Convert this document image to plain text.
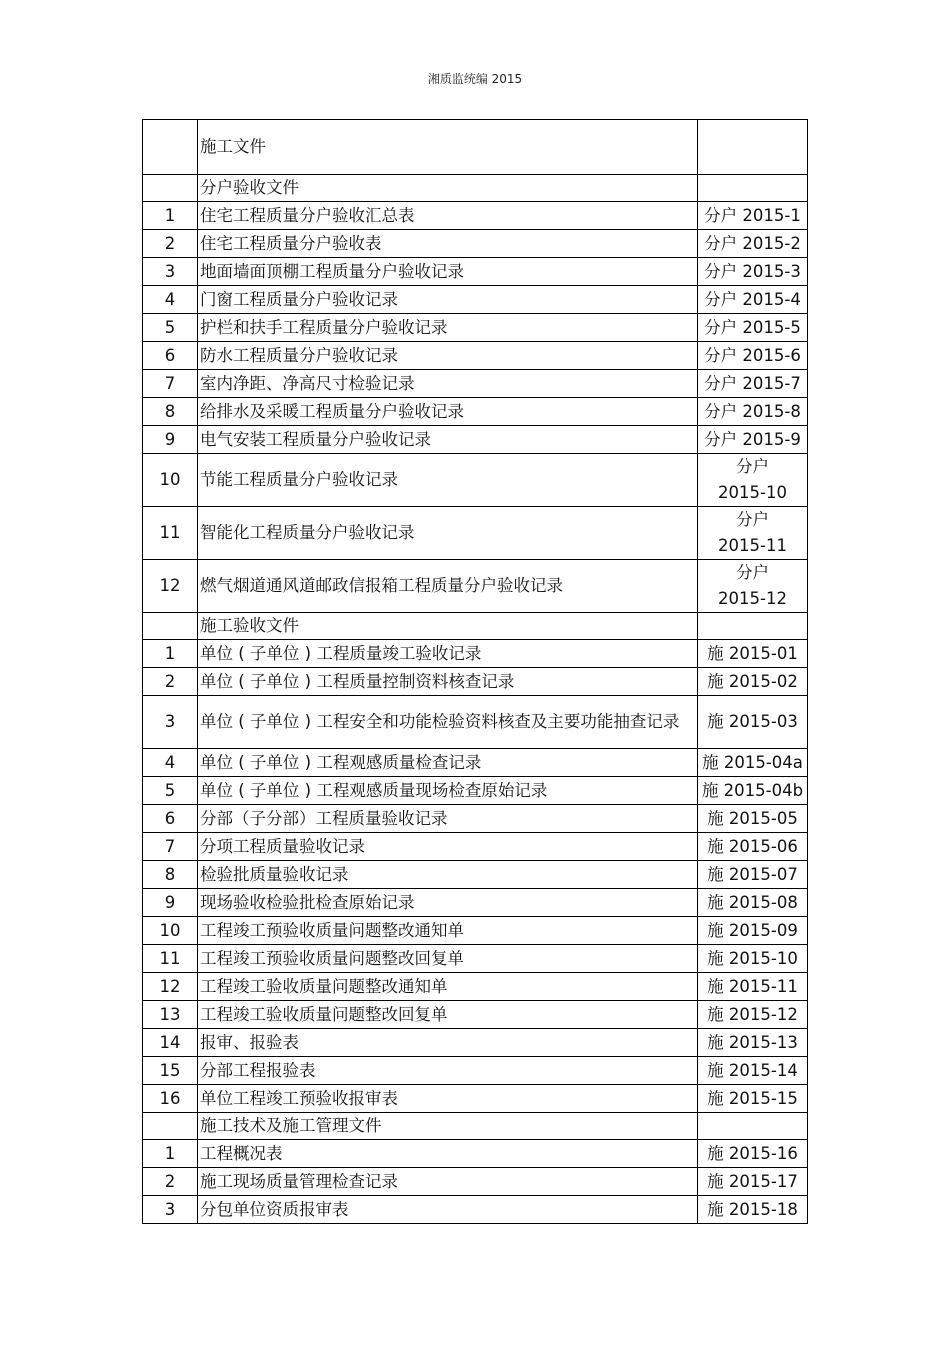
湘质监统编 2015
	施工文件	
	分户验收文件	
1	住宅工程质量分户验收汇总表	分户 2015-1
2	住宅工程质量分户验收表	分户 2015-2
3	地面墙面顶棚工程质量分户验收记录	分户 2015-3
4	门窗工程质量分户验收记录	分户 2015-4
5	护栏和扶手工程质量分户验收记录	分户 2015-5
6	防水工程质量分户验收记录	分户 2015-6
7	室内净距、净高尺寸检验记录	分户 2015-7
8	给排水及采暖工程质量分户验收记录	分户 2015-8
9	电气安装工程质量分户验收记录	分户 2015-9
10	节能工程质量分户验收记录	分户
2015-10

11	智能化工程质量分户验收记录	分户
2015-11

12	燃气烟道通风道邮政信报箱工程质量分户验收记录	分户
2015-12

	施工验收文件	
1	单位 ( 子单位 ) 工程质量竣工验收记录	施 2015-01
2	单位 ( 子单位 ) 工程质量控制资料核查记录	施 2015-02
3	单位 ( 子单位 ) 工程安全和功能检验资料核查及主要功能抽查记录	施 2015-03
4	单位 ( 子单位 ) 工程观感质量检查记录	施 2015-04a
5	单位 ( 子单位 ) 工程观感质量现场检查原始记录	施 2015-04b
6	分部（子分部）工程质量验收记录	施 2015-05
7	分项工程质量验收记录	施 2015-06
8	检验批质量验收记录	施 2015-07
9	现场验收检验批检查原始记录	施 2015-08
10	工程竣工预验收质量问题整改通知单	施 2015-09
11	工程竣工预验收质量问题整改回复单	施 2015-10
12	工程竣工验收质量问题整改通知单	施 2015-11
13	工程竣工验收质量问题整改回复单	施 2015-12
14	报审、报验表	施 2015-13
15	分部工程报验表	施 2015-14
16	单位工程竣工预验收报审表	施 2015-15
	施工技术及施工管理文件	
1	工程概况表	施 2015-16
2	施工现场质量管理检查记录	施 2015-17
3	分包单位资质报审表	施 2015-18
